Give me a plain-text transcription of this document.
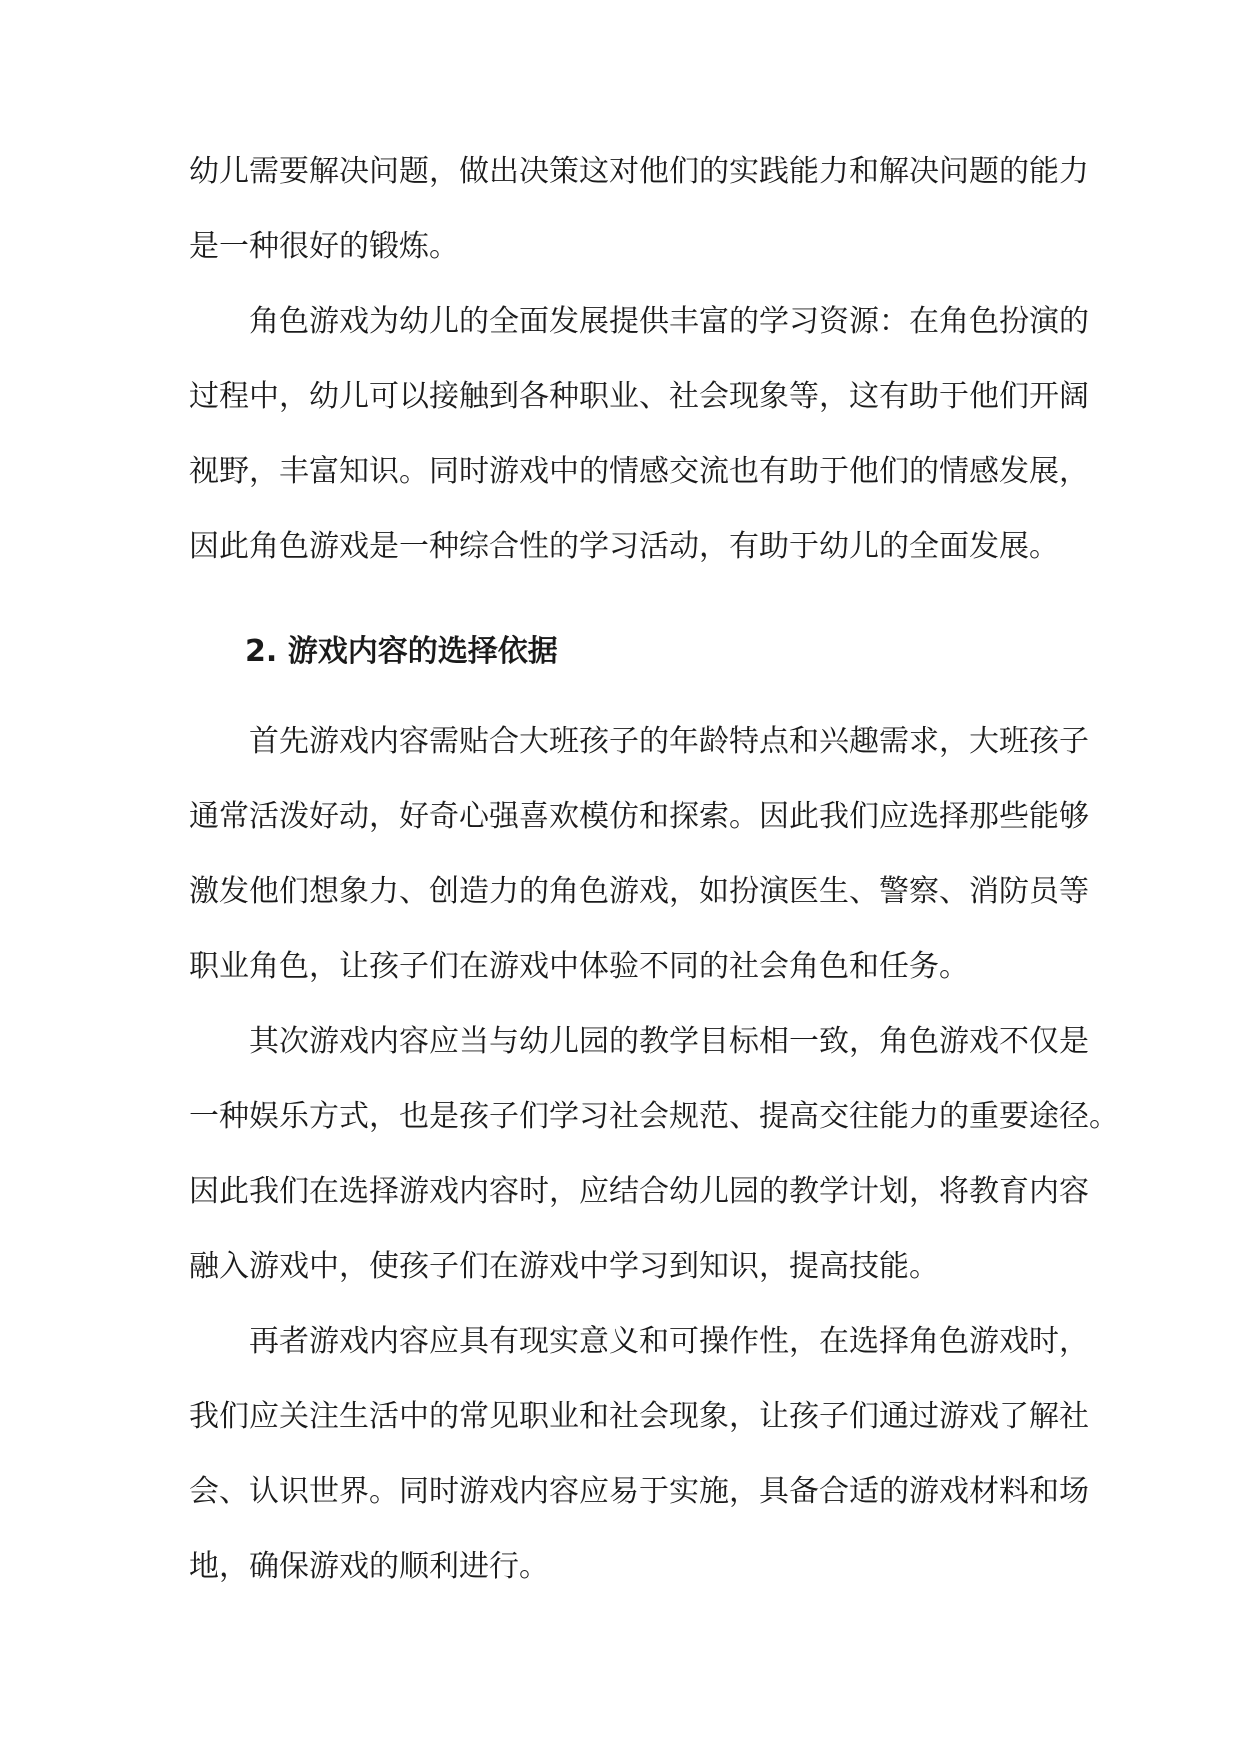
幼儿需要解决问题，做出决策这对他们的实践能力和解决问题的能力
是一种很好的锻炼。
角色游戏为幼儿的全面发展提供丰富的学习资源：在角色扮演的
过程中，幼儿可以接触到各种职业、社会现象等，这有助于他们开阔
视野，丰富知识。同时游戏中的情感交流也有助于他们的情感发展，
因此角色游戏是一种综合性的学习活动，有助于幼儿的全面发展。
2. 游戏内容的选择依据
首先游戏内容需贴合大班孩子的年龄特点和兴趣需求，大班孩子
通常活泼好动，好奇心强喜欢模仿和探索。因此我们应选择那些能够
激发他们想象力、创造力的角色游戏，如扮演医生、警察、消防员等
职业角色，让孩子们在游戏中体验不同的社会角色和任务。
其次游戏内容应当与幼儿园的教学目标相一致，角色游戏不仅是
一种娱乐方式，也是孩子们学习社会规范、提高交往能力的重要途径。
因此我们在选择游戏内容时，应结合幼儿园的教学计划，将教育内容
融入游戏中，使孩子们在游戏中学习到知识，提高技能。
再者游戏内容应具有现实意义和可操作性，在选择角色游戏时，
我们应关注生活中的常见职业和社会现象，让孩子们通过游戏了解社
会、认识世界。同时游戏内容应易于实施，具备合适的游戏材料和场
地，确保游戏的顺利进行。
